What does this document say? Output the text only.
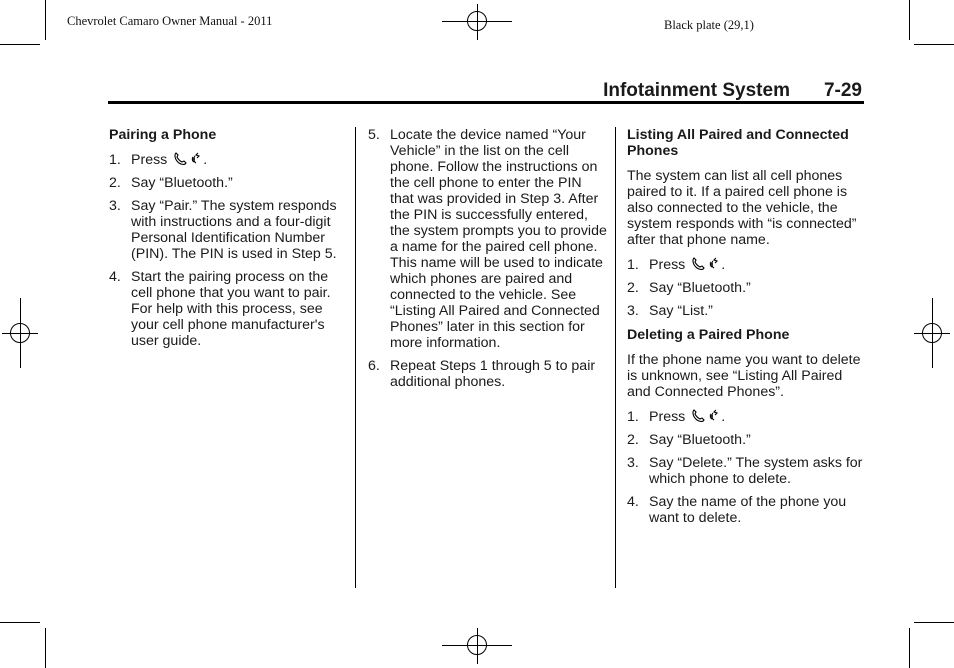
Chevrolet Camaro Owner Manual - 2011	Black plate (29,1)
Infotainment System 7-29
Pairing a Phone
1. Press	.
2. Say “Bluetooth.”
3. Say “Pair.” The system responds with instructions and a four-digit Personal Identification Number (PIN). The PIN is used in Step 5.
4. Start the pairing process on the cell phone that you want to pair. For help with this process, see your cell phone manufacturer's user guide.
5. Locate the device named “Your Vehicle” in the list on the cell phone. Follow the instructions on the cell phone to enter the PIN that was provided in Step 3. After the PIN is successfully entered, the system prompts you to provide a name for the paired cell phone. This name will be used to indicate which phones are paired and connected to the vehicle. See “Listing All Paired and Connected Phones” later in this section for more information.
6. Repeat Steps 1 through 5 to pair additional phones.
Listing All Paired and Connected Phones

The system can list all cell phones paired to it. If a paired cell phone is also connected to the vehicle, the system responds with “is connected” after that phone name.

1. Press	.
2. Say “Bluetooth.”
3. Say “List.”
Deleting a Paired Phone

If the phone name you want to delete is unknown, see “Listing All Paired and Connected Phones”.

1. Press	.
2. Say “Bluetooth.”
3. Say “Delete.” The system asks for which phone to delete.
4. Say the name of the phone you want to delete.
